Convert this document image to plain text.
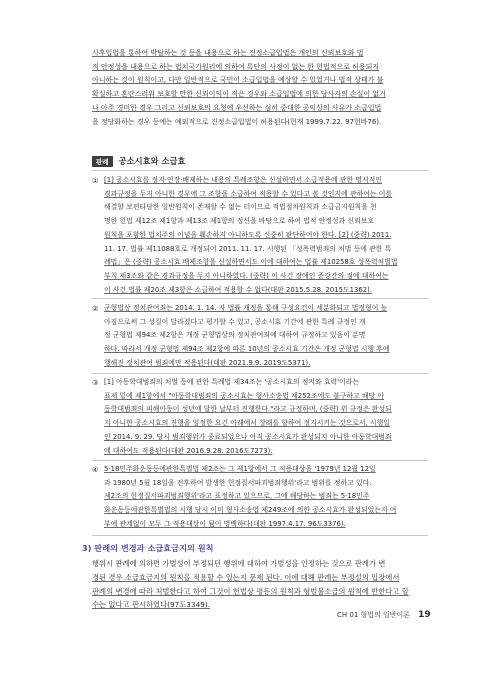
사후입법을 통하여 박탈하는 것 등을 내용으로 하는 진정소급입법은 개인의 신뢰보호와 법
적 안정성을 내용으로 하는 법치국가원리에 의하여 특단의 사정이 없는 한 헌법적으로 허용되지
아니하는 것이 원칙이고, 다만 일반적으로 국민이 소급입법을 예상할 수 있었거나 법적 상태가 불
확실하고 혼란스러워 보호할 만한 신뢰이익이 적은 경우와 소급입법에 의한 당사자의 손실이 없거
나 아주 경미한 경우 그리고 신뢰보호의 요청에 우선하는 심히 중대한 공익상의 사유가 소급입법
을 정당화하는 경우 등에는 예외적으로 진정소급입법이 허용된다(헌재 1999.7.22. 97헌바76).
판례	공소시효와 소급효
① [1] 공소시효를 정지·연장·배제하는 내용의 특례조항은 신설하면서 소급적용에 관한 명시적인
경과규정을 두지 아니한 경우에 그 조항을 소급하여 적용할 수 있다고 볼 것인지에 관하여는 이를
해결할 보편타당한 일반원칙이 존재할 수 없는 터이므로 적법절차원칙과 소급금지원칙을 천
명한 헌법 제12조 제1항과 제13조 제1항의 정신을 바탕으로 하여 법적 안정성과 신뢰보호
원칙을 포함한 법치주의 이념을 훼손하지 아니하도록 신중히 판단하여야 한다. [2] (중략) 2011.
11. 17. 법률 제11088호로 개정되어 2011. 11. 17. 시행된 「성폭력범죄의 처벌 등에 관한 특
례법」은 (중략) 공소시효 배제조항을 신설하면서도 이에 대하여는 법률 제10258호 성폭력처벌법
부칙 제3조와 같은 경과규정을 두지 아니하였다. (중략) 이 사건 장애인 준강간의 점에 대하여는
이 사건 법률 제20조 제3항은 소급하여 적용할 수 없다(대판 2015.5.28. 2015도1362).
② 군형법상 정치관여죄는 2014. 1. 14. 자 법률 개정을 통해 구성요건이 세분화되고 법정형이 높
아짐으로써 그 성질이 달라졌다고 평가할 수 있고, 공소시효 기간에 관한 특례 규정인 개
정 군형법 제94조 제2항은 개정 군형법상의 정치관여죄에 대하여 규정하고 있음이 분명
하다. 따라서 개정 군형법 제94조 제2항에 따른 10년의 공소시효 기간은 개정 군형법 시행 후에
행해진 정치관여 범죄에만 적용된다(대판 2021.9.9. 2019도5371).
③ [1] 아동학대범죄의 처벌 등에 관한 특례법 제34조는 '공소시효의 정지와 효력'이라는
표제 밑에 제1항에서 "아동학대범죄의 공소시효는 형사소송법 제252조에도 불구하고 해당 아
동학대범죄의 피해아동이 성년에 달한 날부터 진행한다."라고 규정하며, (중략) 위 규정은 완성되
지 아니한 공소시효의 진행을 일정한 요건 아래에서 장래를 향하여 정지시키는 것으로서, 시행일
인 2014. 9. 29. 당시 범죄행위가 종료되었으나 아직 공소시효가 완성되지 아니한 아동학대범죄
에 대하여도 적용된다(대판 2016.9.28. 2016도7273).
④ 5·18민주화운동등에관한특별법 제2조는 그 제1항에서 그 적용대상을 '1979년 12월 12일
과 1980년 5월 18일을 전후하여 발생한 헌정질서파괴범죄행위'라고 범위를 정하고 있다.
제2조의 헌정질서파괴범죄행위'라고 표정하고 있으므로, 그에 해당하는 범죄는 5·18민주
화운동등에관한특별법의 시행 당시 이미 형사소송법 제249조에 의한 공소시효가 완성되었는지 여
부에 관계없이 모두 그 적용대상이 됨이 명백하다(대판 1997.4.17. 96도3376).
3) 판례의 변경과 소급효금지의 원칙
행위시 판례에 의하면 가벌성이 부정되던 행위에 대하여 가벌성을 인정하는 것으로 판례가 변
경된 경우 소급효금지의 원칙을 적용할 수 있는지 문제 된다. 이에 대해 판례는 부정설의 입장에서
판례의 변경에 따라 처벌한다고 하여 그것이 헌법상 평등의 원칙과 형벌불소급의 원칙에 반한다고 할
수는 없다고 판시하였다(97도3349).
CH 01 형법의 일반이론 19
